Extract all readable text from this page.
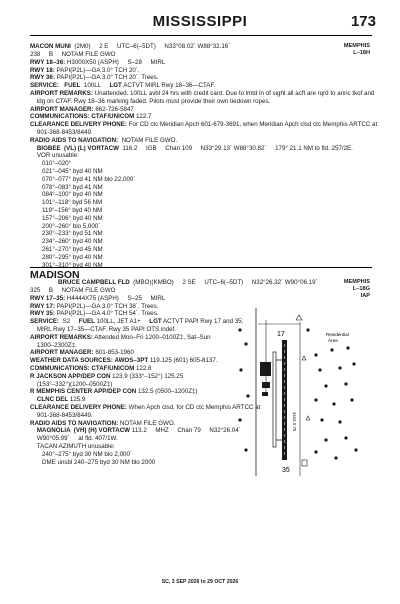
MISSISSIPPI	173
MACON MUNI  (2M0)     2 E     UTC–6(–5DT)     N33°08.02´ W88°32.16´	MEMPHIS
L–18H
238     B     NOTAM FILE GWO
RWY 18–36: H3000X50 (ASPH)     S–28     MIRL
RWY 18: PAPI(P2L)—GA 3.0° TCH 20´.
RWY 36: PAPI(P2L)—GA 3.0° TCH 20´. Trees.
SERVICE: FUEL  100LL     LGT ACTVT MIRL Rwy 18–36—CTAF.
AIRPORT REMARKS: Unattended. 100LL avbl 24 hrs with credit card. Due to lmtd ln of sight all acft are rqrd to annc tkof and
ldg on CTAF. Rwy 18–36 marking faded. Pilots must provide their own tiedown ropes.
AIRPORT MANAGER: 662-726-5847
COMMUNICATIONS: CTAF/UNICOM 122.7
CLEARANCE DELIVERY PHONE: For CD ctc Meridian Apch 601-679-3691, when Meridian Apch clsd ctc Memphis ARTCC at
901-368-8453/8449.
RADIO AIDS TO NAVIGATION:  NOTAM FILE GWO.
BIGBEE  (VL) (L) VORTACW  116.2     IGB     Chan 109     N33°29.13´ W88°30.82´     179° 21.1 NM to fld. 257/2E.
VOR unusable:
010°–020°
021°–045° byd 40 NM
070°–077° byd 41 NM blo 22,000´
078°–083° byd 41 NM
084°–100° byd 40 NM
101°–118° byd 56 NM
119°–156° byd 40 NM
157°–206° byd 40 NM
200°–260° blo 5,000´
230°–233° byd 51 NM
234°–260° byd 40 NM
261°–270° byd 45 NM
280°–295° byd 40 NM
301°–310° byd 40 NM
MADISON
BRUCE CAMPBELL FLD  (MBO)(KMBO)     2 SE     UTC–6(–5DT)     N32°26.32´ W90°06.19´	MEMPHIS
L–18G
IAP
325     B     NOTAM FILE GWO
RWY 17–35: H4444X75 (ASPH)     S–25     MIRL
RWY 17: PAPI(P2L)—GA 3.0° TCH 38´. Trees.
RWY 35: PAPI(P2L)—GA 4.0° TCH 54´. Trees.
SERVICE:  S2     FUEL 100LL, JET A1+     LGT ACTVT PAPI Rwy 17 and 35;
MIRL Rwy 17–35—CTAF. Rwy 35 PAPI OTS indef.
AIRPORT REMARKS: Attended Mon–Fri 1200–0100Z‡, Sat–Sun
1300–2300Z‡.
AIRPORT MANAGER: 601-853-1960
WEATHER DATA SOURCES: AWOS–3PT 119.125 (601) 605-8137.
COMMUNICATIONS: CTAF/UNICOM 122.8
R JACKSON APP/DEP CON 123.9 (333°–152°) 125.25
(153°–332°)(1200–0500Z‡)
R MEMPHIS CENTER APP/DEP CON 132.5 (0500–1200Z‡)
CLNC DEL 125.9
CLEARANCE DELIVERY PHONE: When Apch clsd, for CD ctc Memphis ARTCC at
901-368-8453/8449.
RADIO AIDS TO NAVIGATION: NOTAM FILE GWO.
MAGNOLIA  (VH) (H) VORTACW 113.2     MHZ     Chan 79     N32°26.04´
W90°05.99´     at fld. 407/1W.
TACAN AZIMUTH unusable:
240°–275° byd 30 NM blo 2,000´
DME unsbl 240–275 byd 30 NM blo 2000
17
35
4444 X 75
Residential
Area
SC, 3 SEP 2026 to 29 OCT 2026
